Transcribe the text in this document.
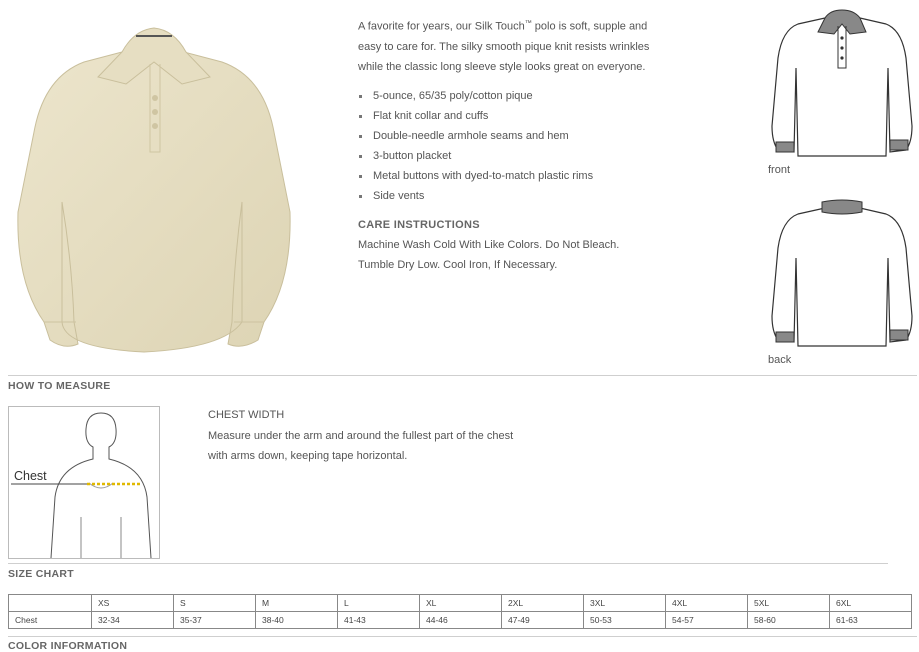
A favorite for years, our Silk Touch™ polo is soft, supple and
easy to care for. The silky smooth pique knit resists wrinkles
while the classic long sleeve style looks great on everyone.
5-ounce, 65/35 poly/cotton pique
Flat knit collar and cuffs
Double-needle armhole seams and hem
3-button placket
Metal buttons with dyed-to-match plastic rims
Side vents
CARE INSTRUCTIONS
Machine Wash Cold With Like Colors. Do Not Bleach.
Tumble Dry Low. Cool Iron, If Necessary.
front
back
HOW TO MEASURE
Chest
CHEST WIDTH
Measure under the arm and around the fullest part of the chest
with arms down, keeping tape horizontal.
SIZE CHART
	XS	S	M	L	XL	2XL	3XL	4XL	5XL	6XL
Chest	32-34	35-37	38-40	41-43	44-46	47-49	50-53	54-57	58-60	61-63
COLOR INFORMATION
